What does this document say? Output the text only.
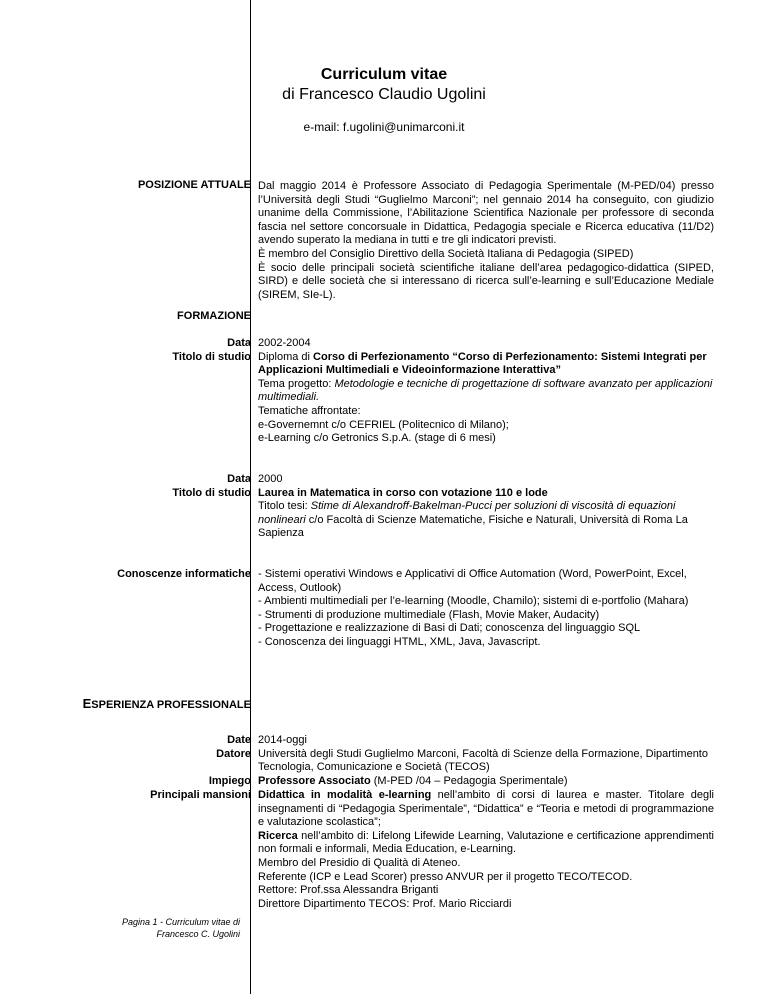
Curriculum vitae
di Francesco Claudio Ugolini
e-mail: f.ugolini@unimarconi.it
POSIZIONE ATTUALE Dal maggio 2014 è Professore Associato di Pedagogia Sperimentale (M-PED/04) presso l’Università degli Studi “Guglielmo Marconi”; nel gennaio 2014 ha conseguito, con giudizio unanime della Commissione, l’Abilitazione Scientifica Nazionale per professore di seconda fascia nel settore concorsuale in Didattica, Pedagogia speciale e Ricerca educativa (11/D2) avendo superato la mediana in tutti e tre gli indicatori previsti.

È membro del Consiglio Direttivo della Società Italiana di Pedagogia (SIPED)

È socio delle principali società scientifiche italiane dell’area pedagogico-didattica (SIPED, SIRD) e delle società che si interessano di ricerca sull’e-learning e sull’Educazione Mediale (SIREM, SIe-L).

FORMAZIONE
Data
Titolo di studio

2002-2004

Diploma di Corso di Perfezionamento “Corso di Perfezionamento: Sistemi Integrati per Applicazioni Multimediali e Videoinformazione Interattiva”

Tema progetto: Metodologie e tecniche di progettazione di software avanzato per applicazioni multimediali.

Tematiche affrontate:

e-Governemnt c/o CEFRIEL (Politecnico di Milano);

e-Learning c/o Getronics S.p.A. (stage di 6 mesi)

Data
Titolo di studio

2000

Laurea in Matematica in corso con votazione 110 e lode

Titolo tesi: Stime di Alexandroff-Bakelman-Pucci per soluzioni di viscosità di equazioni nonlineari c/o Facoltà di Scienze Matematiche, Fisiche e Naturali, Università di Roma La Sapienza

Conoscenze informatiche - Sistemi operativi Windows e Applicativi di Office Automation (Word, PowerPoint, Excel, Access, Outlook)

- Ambienti multimediali per l’e-learning (Moodle, Chamilo); sistemi di e-portfolio (Mahara)

- Strumenti di produzione multimediale (Flash, Movie Maker, Audacity)

- Progettazione e realizzazione di Basi di Dati; conoscenza del linguaggio SQL

- Conoscenza dei linguaggi HTML, XML, Java, Javascript.

ESPERIENZA PROFESSIONALE
Date
Datore
Impiego
Principali mansioni

2014-oggi

Università degli Studi Guglielmo Marconi, Facoltà di Scienze della Formazione, Dipartimento Tecnologia, Comunicazione e Società (TECOS)

Professore Associato (M-PED /04 – Pedagogia Sperimentale)

Didattica in modalità e-learning nell’ambito di corsi di laurea e master. Titolare degli insegnamenti di “Pedagogia Sperimentale”, “Didattica” e “Teoria e metodi di programmazione e valutazione scolastica”;

Ricerca nell’ambito di: Lifelong Lifewide Learning, Valutazione e certificazione apprendimenti non formali e informali, Media Education, e-Learning.

Membro del Presidio di Qualità di Ateneo.

Referente (ICP e Lead Scorer) presso ANVUR per il progetto TECO/TECOD.

Rettore: Prof.ssa Alessandra Briganti

Direttore Dipartimento TECOS: Prof. Mario Ricciardi

Pagina 1 - Curriculum vitae di
Francesco C. Ugolini
